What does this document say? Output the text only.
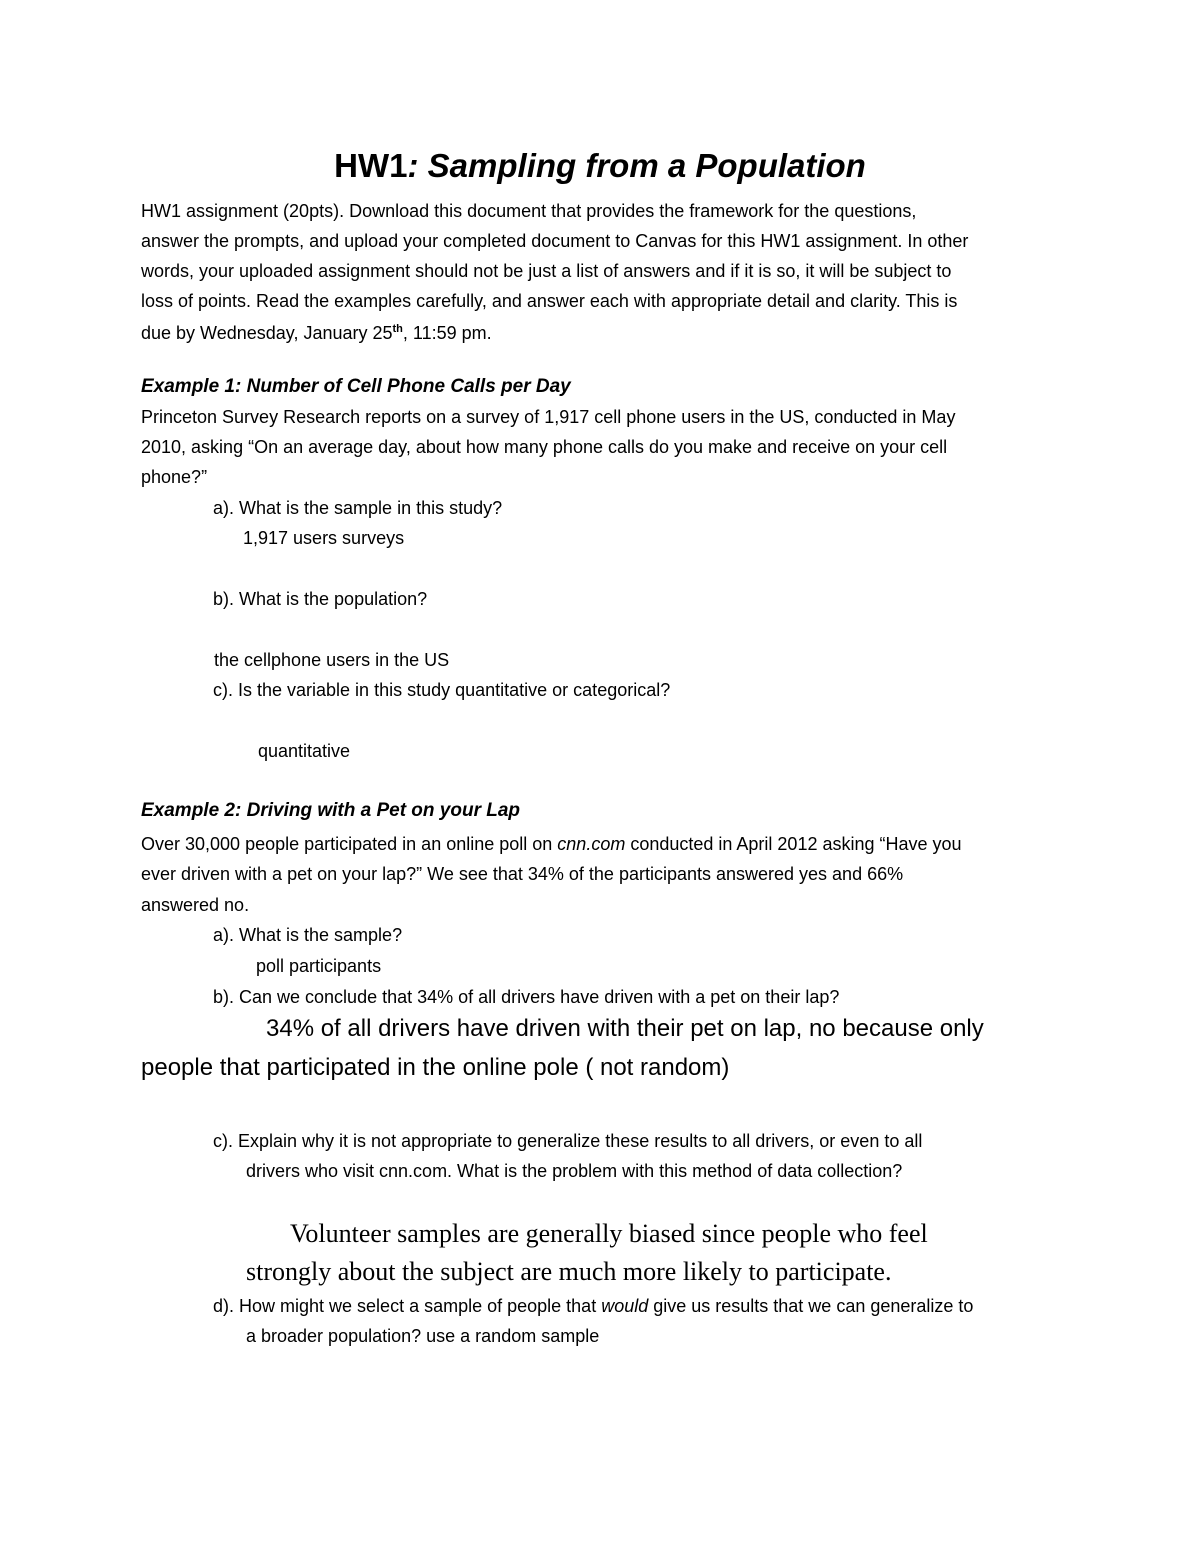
HW1: Sampling from a Population
HW1 assignment (20pts). Download this document that provides the framework for the questions,
answer the prompts, and upload your completed document to Canvas for this HW1 assignment. In other
words, your uploaded assignment should not be just a list of answers and if it is so, it will be subject to
loss of points. Read the examples carefully, and answer each with appropriate detail and clarity. This is
due by Wednesday, January 25th, 11:59 pm.
Example 1: Number of Cell Phone Calls per Day
Princeton Survey Research reports on a survey of 1,917 cell phone users in the US, conducted in May
2010, asking “On an average day, about how many phone calls do you make and receive on your cell
phone?”
a). What is the sample in this study?
1,917 users surveys
b). What is the population?
the cellphone users in the US
c). Is the variable in this study quantitative or categorical?
quantitative
Example 2: Driving with a Pet on your Lap
Over 30,000 people participated in an online poll on cnn.com conducted in April 2012 asking “Have you
ever driven with a pet on your lap?” We see that 34% of the participants answered yes and 66%
answered no.
a). What is the sample?
poll participants
b). Can we conclude that 34% of all drivers have driven with a pet on their lap?
34% of all drivers have driven with their pet on lap, no because only
people that participated in the online pole ( not random)
c). Explain why it is not appropriate to generalize these results to all drivers, or even to all
drivers who visit cnn.com. What is the problem with this method of data collection?
Volunteer samples are generally biased since people who feel
strongly about the subject are much more likely to participate.
d). How might we select a sample of people that would give us results that we can generalize to
a broader population? use a random sample
